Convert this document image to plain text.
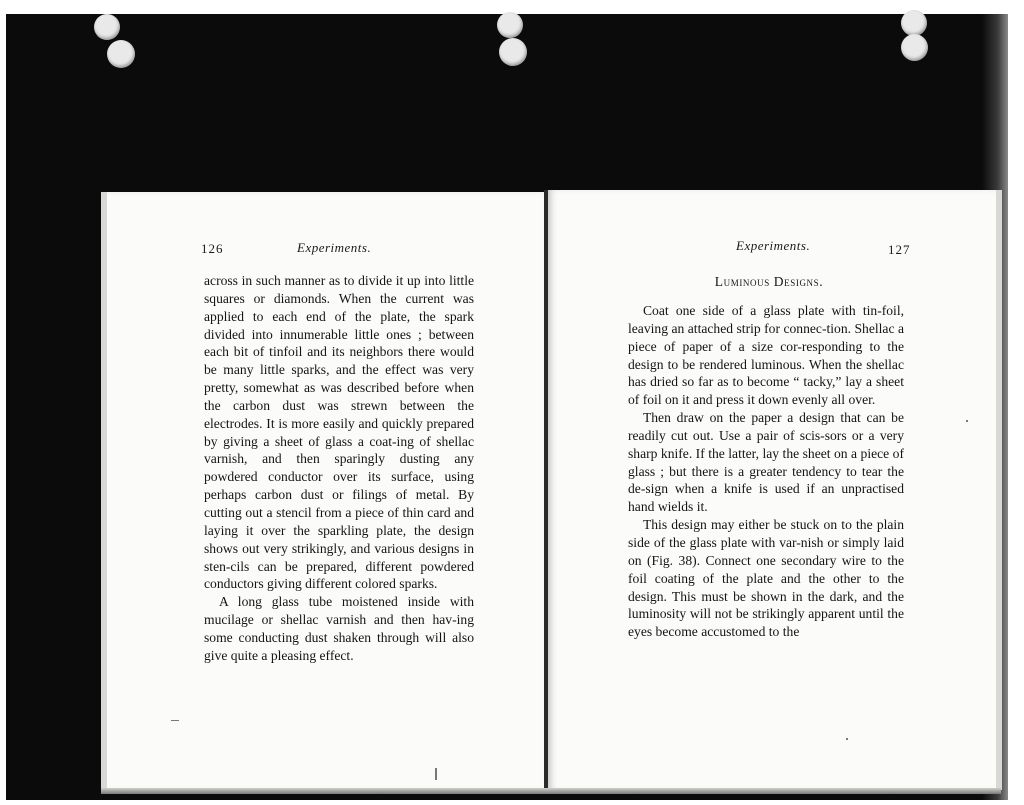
126	Experiments.

across in such manner as to divide it up into little squares or diamonds. When the current was applied to each end of the plate, the spark divided into innumerable little ones ; between each bit of tinfoil and its neighbors there would be many little sparks, and the effect was very pretty, somewhat as was described before when the carbon dust was strewn between the electrodes. It is more easily and quickly prepared by giving a sheet of glass a coat-ing of shellac varnish, and then sparingly dusting any powdered conductor over its surface, using perhaps carbon dust or filings of metal. By cutting out a stencil from a piece of thin card and laying it over the sparkling plate, the design shows out very strikingly, and various designs in sten-cils can be prepared, different powdered conductors giving different colored sparks.

A long glass tube moistened inside with mucilage or shellac varnish and then hav-ing some conducting dust shaken through will also give quite a pleasing effect.

Experiments.	127
Luminous Designs.

Coat one side of a glass plate with tin-foil, leaving an attached strip for connec-tion. Shellac a piece of paper of a size cor-responding to the design to be rendered luminous. When the shellac has dried so far as to become “ tacky,” lay a sheet of foil on it and press it down evenly all over.

Then draw on the paper a design that can be readily cut out. Use a pair of scis-sors or a very sharp knife. If the latter, lay the sheet on a piece of glass ; but there is a greater tendency to tear the de-sign when a knife is used if an unpractised hand wields it.

This design may either be stuck on to the plain side of the glass plate with var-nish or simply laid on (Fig. 38). Connect one secondary wire to the foil coating of the plate and the other to the design. This must be shown in the dark, and the luminosity will not be strikingly apparent until the eyes become accustomed to the
